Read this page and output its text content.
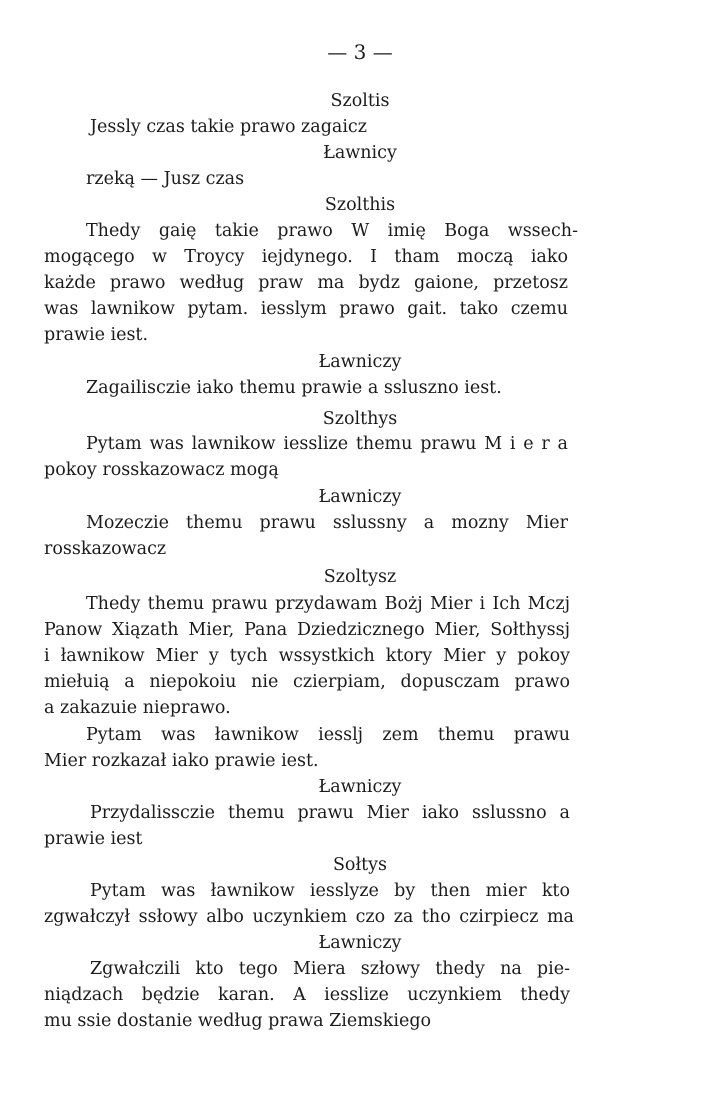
— 3 —
Szoltis
Jessly czas takie prawo zagaicz
Ławnicy
rzeką — Jusz czas
Szolthis
Thedy gaię takie prawo W imię Boga wssech-
mogącego w Troycy iejdynego. I tham moczą iako
każde prawo według praw ma bydz gaione, przetosz
was lawnikow pytam. iesslym prawo gait. tako czemu
prawie iest.
Ławniczy
Zagailisczie iako themu prawie a ssluszno iest.
Szolthys
Pytam was lawnikow iesslize themu prawu M i e r a
pokoy rosskazowacz mogą
Ławniczy
Mozeczie themu prawu sslussny a mozny Mier
rosskazowacz
Szoltysz
Thedy themu prawu przydawam Bożj Mier i Ich Mczj
Panow Xiązath Mier, Pana Dziedzicznego Mier, Sołthyssj
i ławnikow Mier y tych wssystkich ktory Mier y pokoy
miełuią a niepokoiu nie czierpiam, dopusczam prawo
a zakazuie nieprawo.
Pytam was ławnikow iesslj zem themu prawu
Mier rozkazał iako prawie iest.
Ławniczy
Przydalissczie themu prawu Mier iako sslussno a
prawie iest
Sołtys
Pytam was ławnikow iesslyze by then mier kto
zgwałczył ssłowy albo uczynkiem czo za tho czirpiecz ma
Ławniczy
Zgwałczili kto tego Miera szłowy thedy na pie-
niądzach będzie karan. A iesslize uczynkiem thedy
mu ssie dostanie według prawa Ziemskiego
